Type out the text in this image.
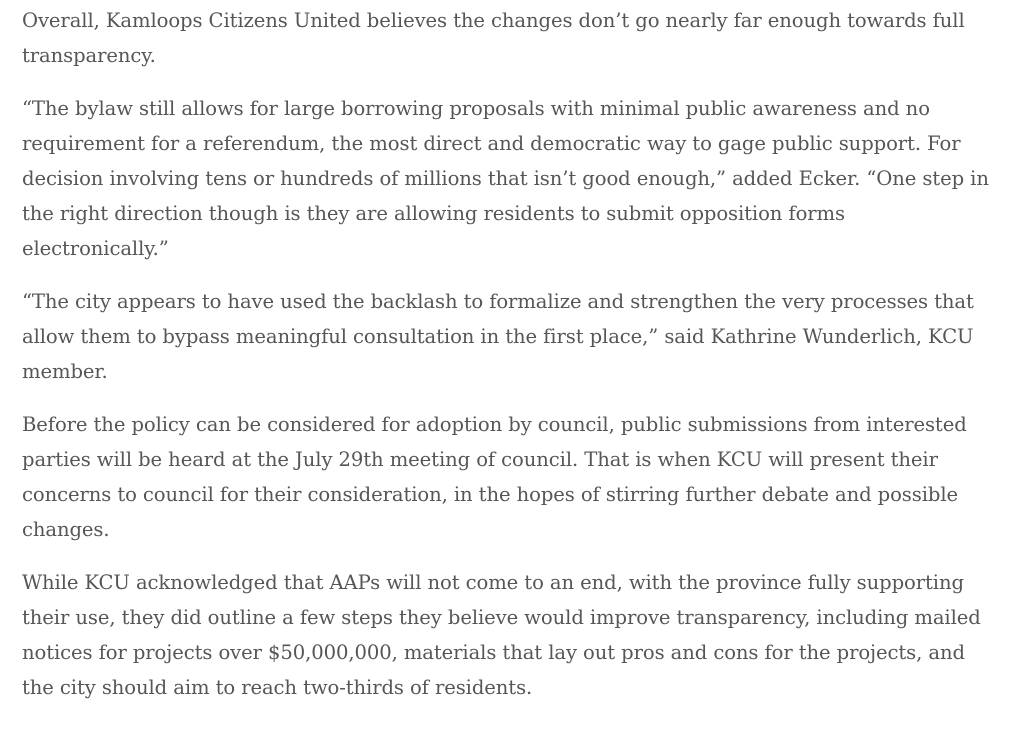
Overall, Kamloops Citizens United believes the changes don’t go nearly far enough towards full transparency.

“The bylaw still allows for large borrowing proposals with minimal public awareness and no requirement for a referendum, the most direct and democratic way to gage public support. For decision involving tens or hundreds of millions that isn’t good enough,” added Ecker. “One step in the right direction though is they are allowing residents to submit opposition forms electronically.”

“The city appears to have used the backlash to formalize and strengthen the very processes that allow them to bypass meaningful consultation in the first place,” said Kathrine Wunderlich, KCU member.

Before the policy can be considered for adoption by council, public submissions from interested parties will be heard at the July 29th meeting of council. That is when KCU will present their concerns to council for their consideration, in the hopes of stirring further debate and possible changes.

While KCU acknowledged that AAPs will not come to an end, with the province fully supporting their use, they did outline a few steps they believe would improve transparency, including mailed notices for projects over $50,000,000, materials that lay out pros and cons for the projects, and the city should aim to reach two-thirds of residents.
